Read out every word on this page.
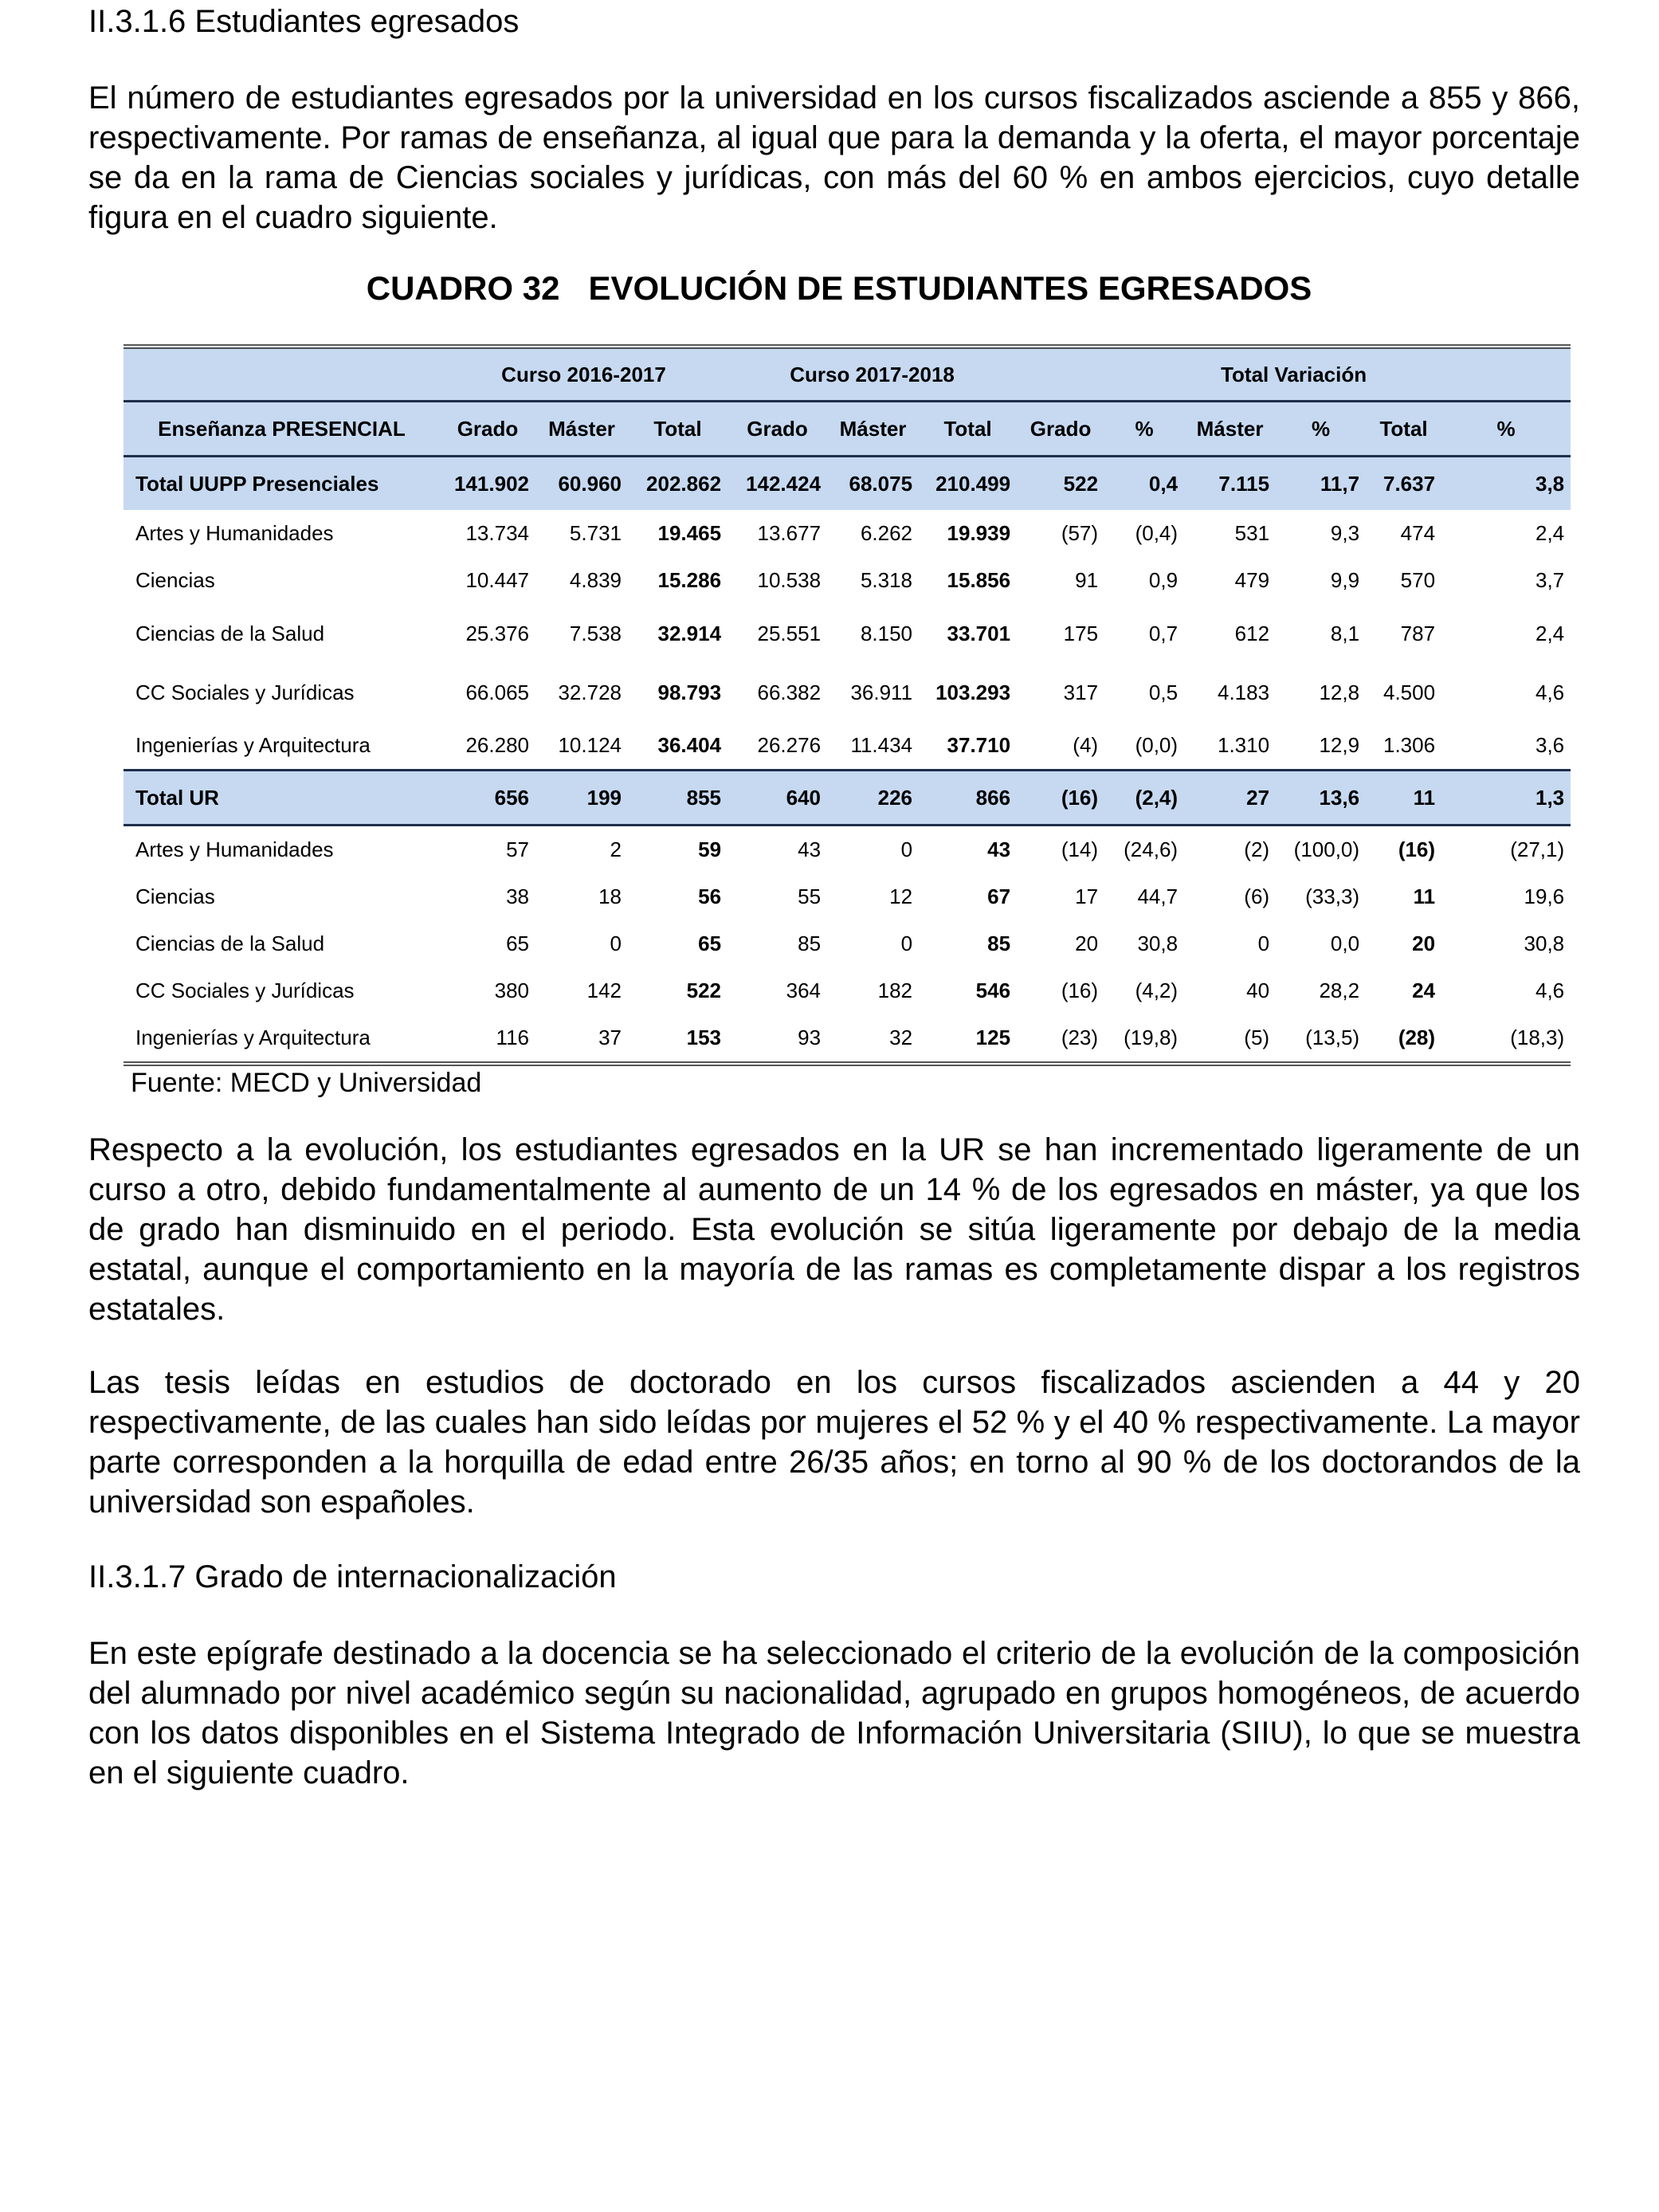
II.3.1.6 Estudiantes egresados

El número de estudiantes egresados por la universidad en los cursos fiscalizados asciende a 855 y 866, respectivamente. Por ramas de enseñanza, al igual que para la demanda y la oferta, el mayor porcentaje se da en la rama de Ciencias sociales y jurídicas, con más del 60 % en ambos ejercicios, cuyo detalle figura en el cuadro siguiente.

CUADRO 32 EVOLUCIÓN DE ESTUDIANTES EGRESADOS

	Curso 2016-2017			Curso 2017-2018			Total Variación					
Enseñanza PRESENCIAL	Grado	Máster	Total	Grado	Máster	Total	Grado	%	Máster	%	Total	%
Total UUPP Presenciales	141.902	60.960	202.862	142.424	68.075	210.499	522	0,4	7.115	11,7	7.637	3,8
Artes y Humanidades	13.734	5.731	19.465	13.677	6.262	19.939	(57)	(0,4)	531	9,3	474	2,4
Ciencias	10.447	4.839	15.286	10.538	5.318	15.856	91	0,9	479	9,9	570	3,7
Ciencias de la Salud	25.376	7.538	32.914	25.551	8.150	33.701	175	0,7	612	8,1	787	2,4
CC Sociales y Jurídicas	66.065	32.728	98.793	66.382	36.911	103.293	317	0,5	4.183	12,8	4.500	4,6
Ingenierías y Arquitectura	26.280	10.124	36.404	26.276	11.434	37.710	(4)	(0,0)	1.310	12,9	1.306	3,6
Total UR	656	199	855	640	226	866	(16)	(2,4)	27	13,6	11	1,3
Artes y Humanidades	57	2	59	43	0	43	(14)	(24,6)	(2)	(100,0)	(16)	(27,1)
Ciencias	38	18	56	55	12	67	17	44,7	(6)	(33,3)	11	19,6
Ciencias de la Salud	65	0	65	85	0	85	20	30,8	0	0,0	20	30,8
CC Sociales y Jurídicas	380	142	522	364	182	546	(16)	(4,2)	40	28,2	24	4,6
Ingenierías y Arquitectura	116	37	153	93	32	125	(23)	(19,8)	(5)	(13,5)	(28)	(18,3)

Fuente: MECD y Universidad

Respecto a la evolución, los estudiantes egresados en la UR se han incrementado ligeramente de un curso a otro, debido fundamentalmente al aumento de un 14 % de los egresados en máster, ya que los de grado han disminuido en el periodo. Esta evolución se sitúa ligeramente por debajo de la media estatal, aunque el comportamiento en la mayoría de las ramas es completamente dispar a los registros estatales.

Las tesis leídas en estudios de doctorado en los cursos fiscalizados ascienden a 44 y 20 respectivamente, de las cuales han sido leídas por mujeres el 52 % y el 40 % respectivamente. La mayor parte corresponden a la horquilla de edad entre 26/35 años; en torno al 90 % de los doctorandos de la universidad son españoles.

II.3.1.7 Grado de internacionalización

En este epígrafe destinado a la docencia se ha seleccionado el criterio de la evolución de la composición del alumnado por nivel académico según su nacionalidad, agrupado en grupos homogéneos, de acuerdo con los datos disponibles en el Sistema Integrado de Información Universitaria (SIIU), lo que se muestra en el siguiente cuadro.
